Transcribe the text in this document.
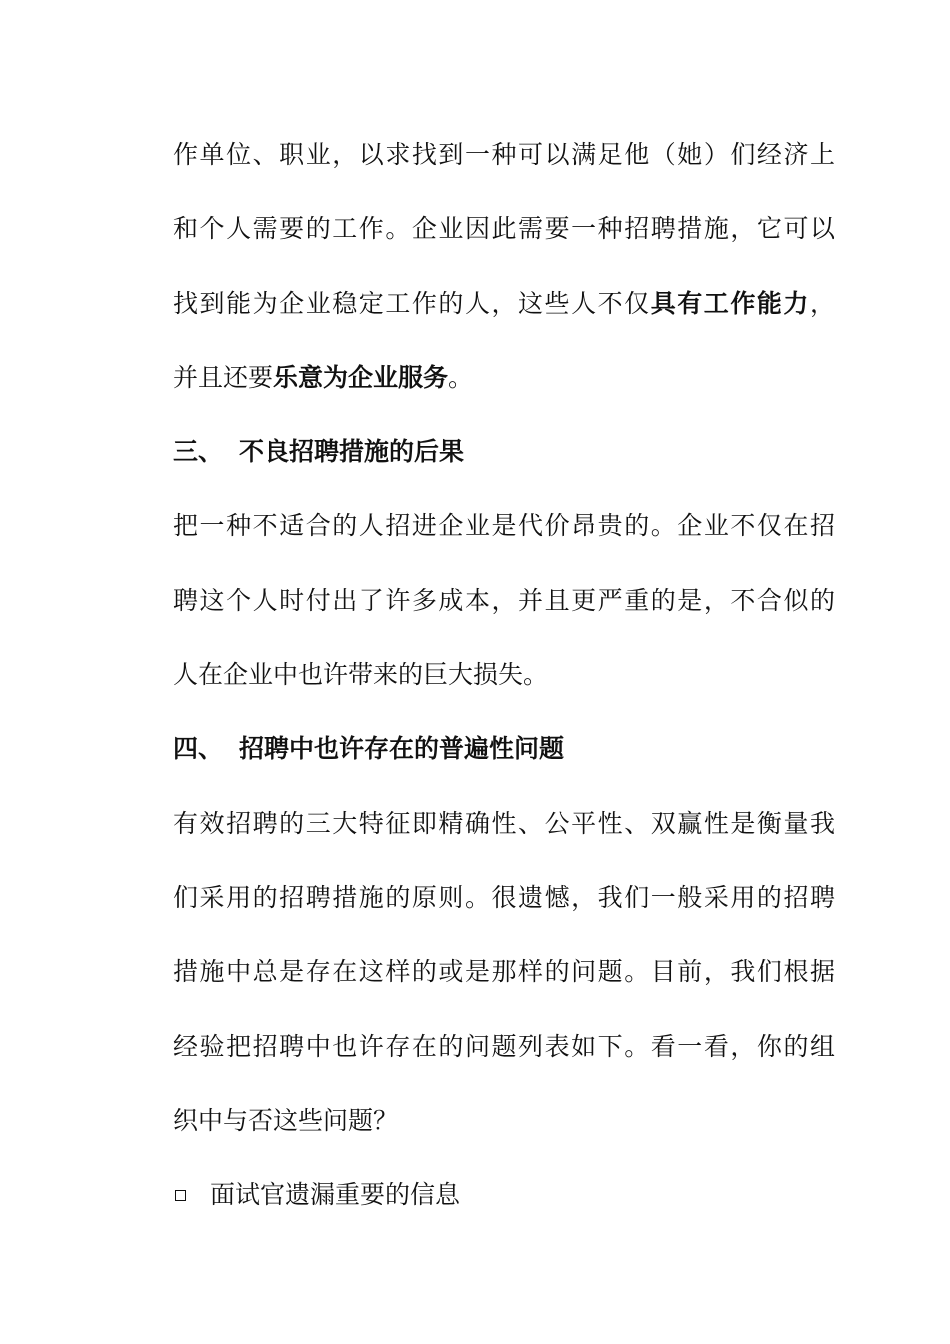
作单位、职业，以求找到一种可以满足他（她）们经济上
和个人需要的工作。企业因此需要一种招聘措施，它可以
找到能为企业稳定工作的人，这些人不仅具有工作能力，
并且还要乐意为企业服务。
三、 不良招聘措施的后果
把一种不适合的人招进企业是代价昂贵的。企业不仅在招
聘这个人时付出了许多成本，并且更严重的是，不合似的
人在企业中也许带来的巨大损失。
四、 招聘中也许存在的普遍性问题
有效招聘的三大特征即精确性、公平性、双赢性是衡量我
们采用的招聘措施的原则。很遗憾，我们一般采用的招聘
措施中总是存在这样的或是那样的问题。目前，我们根据
经验把招聘中也许存在的问题列表如下。看一看，你的组
织中与否这些问题？
面试官遗漏重要的信息
